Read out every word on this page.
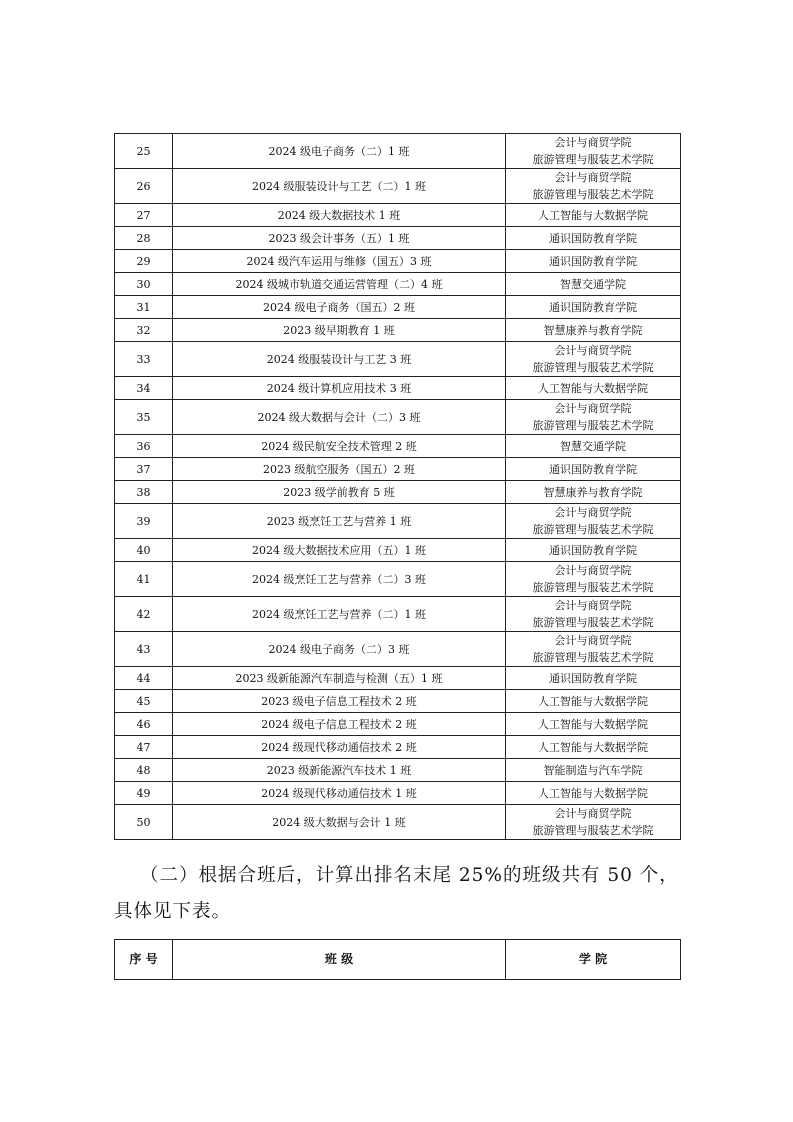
25	2024 级电子商务（二）1 班	会计与商贸学院
旅游管理与服装艺术学院

26	2024 级服装设计与工艺（二）1 班	会计与商贸学院
旅游管理与服装艺术学院

27	2024 级大数据技术 1 班	人工智能与大数据学院

28	2023 级会计事务（五）1 班	通识国防教育学院

29	2024 级汽车运用与维修（国五）3 班	通识国防教育学院

30	2024 级城市轨道交通运营管理（二）4 班	智慧交通学院

31	2024 级电子商务（国五）2 班	通识国防教育学院

32	2023 级早期教育 1 班	智慧康养与教育学院

33	2024 级服装设计与工艺 3 班	会计与商贸学院
旅游管理与服装艺术学院

34	2024 级计算机应用技术 3 班	人工智能与大数据学院

35	2024 级大数据与会计（二）3 班	会计与商贸学院
旅游管理与服装艺术学院

36	2024 级民航安全技术管理 2 班	智慧交通学院

37	2023 级航空服务（国五）2 班	通识国防教育学院

38	2023 级学前教育 5 班	智慧康养与教育学院

39	2023 级烹饪工艺与营养 1 班	会计与商贸学院
旅游管理与服装艺术学院

40	2024 级大数据技术应用（五）1 班	通识国防教育学院

41	2024 级烹饪工艺与营养（二）3 班	会计与商贸学院
旅游管理与服装艺术学院

42	2024 级烹饪工艺与营养（二）1 班	会计与商贸学院
旅游管理与服装艺术学院

43	2024 级电子商务（二）3 班	会计与商贸学院
旅游管理与服装艺术学院

44	2023 级新能源汽车制造与检测（五）1 班	通识国防教育学院

45	2023 级电子信息工程技术 2 班	人工智能与大数据学院

46	2024 级电子信息工程技术 2 班	人工智能与大数据学院

47	2024 级现代移动通信技术 2 班	人工智能与大数据学院

48	2023 级新能源汽车技术 1 班	智能制造与汽车学院

49	2024 级现代移动通信技术 1 班	人工智能与大数据学院

50	2024 级大数据与会计 1 班	会计与商贸学院
旅游管理与服装艺术学院

（二）根据合班后，计算出排名末尾 25%的班级共有 50 个，具体见下表。

序 号	班 级	学 院
